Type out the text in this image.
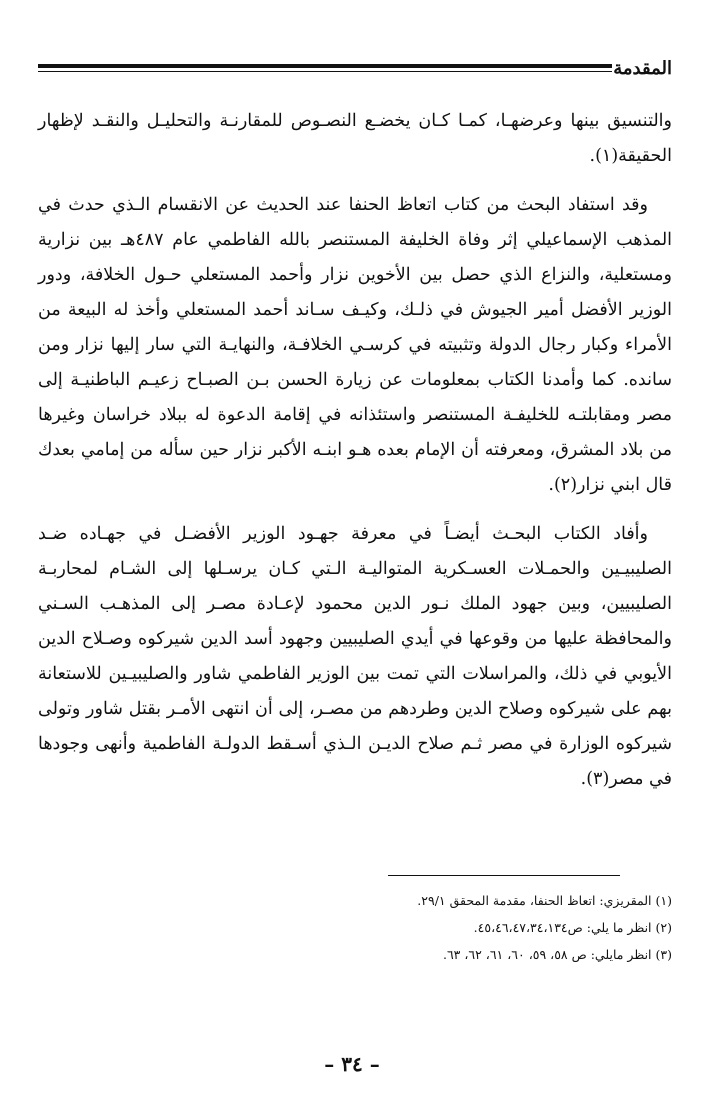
المقدمة

والتنسيق بينها وعرضهـا، كمـا كـان يخضـع النصـوص للمقارنـة والتحليـل والنقـد لإظهار الحقيقة(١).

وقد استفاد البحث من كتاب اتعاظ الحنفا عند الحديث عن الانقسام الـذي حدث في المذهب الإسماعيلي إثر وفاة الخليفة المستنصر بالله الفاطمي عام ٤٨٧هـ بين نزارية ومستعلية، والنزاع الذي حصل بين الأخوين نزار وأحمد المستعلي حـول الخلافة، ودور الوزير الأفضل أمير الجيوش في ذلـك، وكيـف سـاند أحمد المستعلي وأخذ له البيعة من الأمراء وكبار رجال الدولة وتثبيته في كرسـي الخلافـة، والنهايـة التي سار إليها نزار ومن سانده. كما وأمدنا الكتاب بمعلومات عن زيارة الحسن بـن الصبـاح زعيـم الباطنيـة إلى مصر ومقابلتـه للخليفـة المستنصر واستئذانه في إقامة الدعوة له ببلاد خراسان وغيرها من بلاد المشرق، ومعرفته أن الإمام بعده هـو ابنـه الأكبر نزار حين سأله من إمامي بعدك قال ابني نزار(٢).

وأفاد الكتاب البحـث أيضـاً في معرفة جهـود الوزير الأفضـل في جهـاده ضـد الصليبيـين والحمـلات العسـكرية المتواليـة الـتي كـان يرسـلها إلى الشـام لمحاربـة الصليبيين، وبين جهود الملك نـور الدين محمود لإعـادة مصـر إلى المذهـب السـني والمحافظة عليها من وقوعها في أيدي الصليبيين وجهود أسد الدين شيركوه وصـلاح الدين الأيوبي في ذلك، والمراسلات التي تمت بين الوزير الفاطمي شاور والصليبيـين للاستعانة بهم على شيركوه وصلاح الدين وطردهم من مصـر، إلى أن انتهى الأمـر بقتل شاور وتولى شيركوه الوزارة في مصر ثـم صلاح الديـن الـذي أسـقط الدولـة الفاطمية وأنهى وجودها في مصر(٣).

(١) المقريزي: اتعاظ الحنفا، مقدمة المحقق ٢٩/١.

(٢) انظر ما يلي: ص٤٥،٤٦،٤٧،٣٤،١٣٤.

(٣) انظر مايلي: ص ٥٨، ٥٩، ٦٠، ٦١، ٦٢، ٦٣.

– ٣٤ –
